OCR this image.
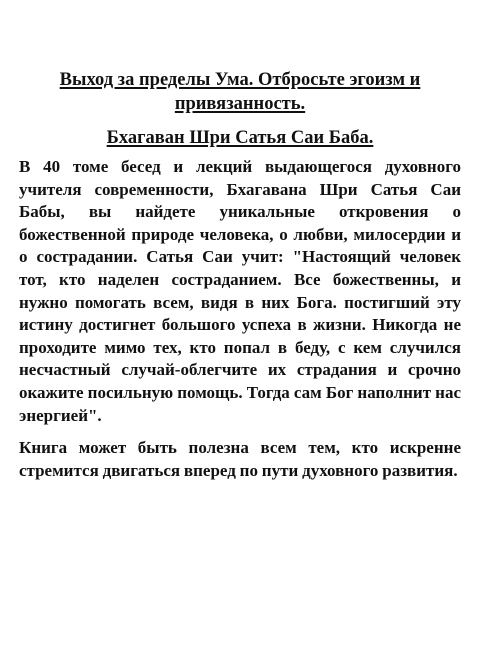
Выход за пределы Ума. Отбросьте эгоизм и привязанность.
Бхагаван Шри Сатья Саи Баба.

В 40 томе бесед и лекций выдающегося духовного учителя современности, Бхагавана Шри Сатья Саи Бабы, вы найдете уникальные откровения о божественной природе человека, о любви, милосердии и о сострадании. Сатья Саи учит: "Настоящий человек тот, кто наделен состраданием. Все божественны, и нужно помогать всем, видя в них Бога. постигший эту истину достигнет большого успеха в жизни. Никогда не проходите мимо тех, кто попал в беду, с кем случился несчастный случай-облегчите их страдания и срочно окажите посильную помощь. Тогда сам Бог наполнит нас энергией".

Книга может быть полезна всем тем, кто искренне стремится двигаться вперед по пути духовного развития.
